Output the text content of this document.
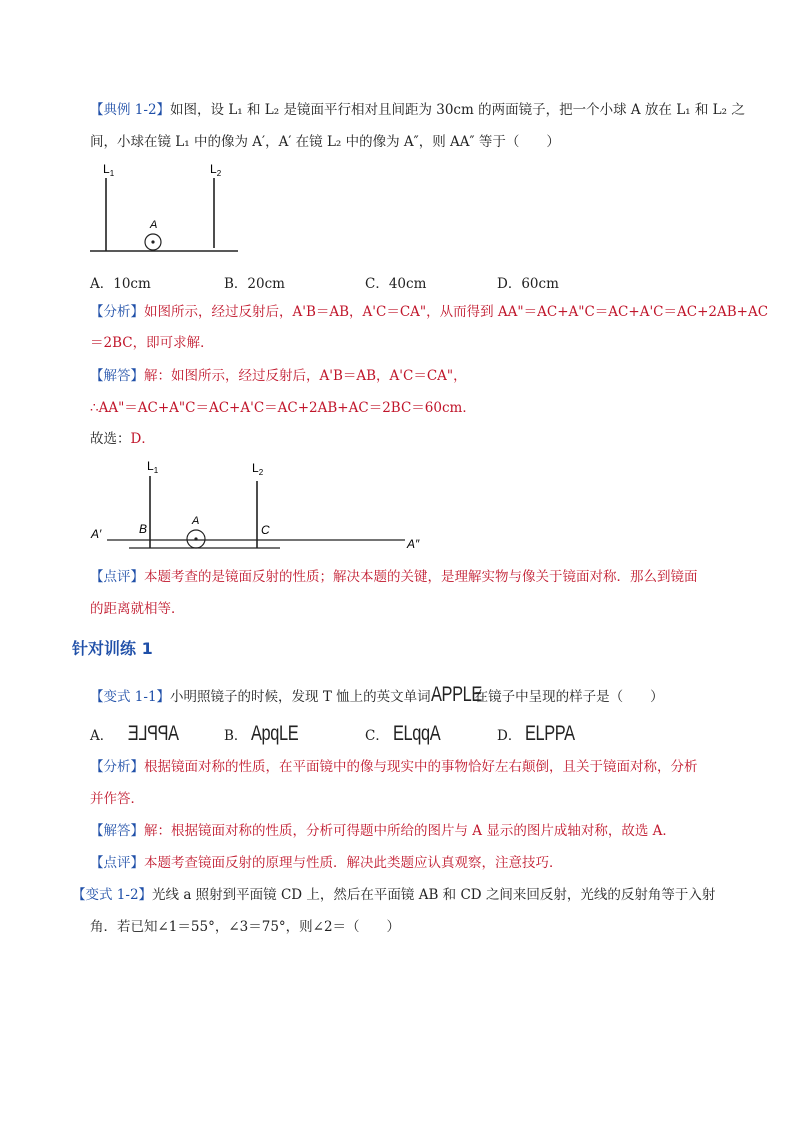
【典例 1-2】如图，设 L₁ 和 L₂ 是镜面平行相对且间距为 30cm 的两面镜子，把一个小球 A 放在 L₁ 和 L₂ 之
间，小球在镜 L₁ 中的像为 A′，A′ 在镜 L₂ 中的像为 A″，则 AA″ 等于（　　）
$L_1$	$L_2$
A
A．10cm	B．20cm	C．40cm	D．60cm
【分析】如图所示，经过反射后，A'B＝AB，A'C＝CA"，从而得到 AA"＝AC+A"C＝AC+A'C＝AC+2AB+AC
＝2BC，即可求解．
【解答】解：如图所示，经过反射后，A'B＝AB，A'C＝CA"，
∴AA"＝AC+A"C＝AC+A'C＝AC+2AB+AC＝2BC＝60cm．
故选：D．
$L_1$	$L_2$
A′	B
A
C
A″
【点评】本题考查的是镜面反射的性质；解决本题的关键，是理解实物与像关于镜面对称．那么到镜面
的距离就相等．
针对训练 1
【变式 1-1】小明照镜子的时候，发现 T 恤上的英文单词APPLE在镜子中呈现的样子是（　　）
A． APPLE	B． ApqLE	C． ELqqA	D． ELPPA
【分析】根据镜面对称的性质，在平面镜中的像与现实中的事物恰好左右颠倒，且关于镜面对称，分析
并作答．
【解答】解：根据镜面对称的性质，分析可得题中所给的图片与 A 显示的图片成轴对称，故选 A．
【点评】本题考查镜面反射的原理与性质．解决此类题应认真观察，注意技巧．
【变式 1-2】光线 a 照射到平面镜 CD 上，然后在平面镜 AB 和 CD 之间来回反射，光线的反射角等于入射
角．若已知∠1＝55°，∠3＝75°，则∠2＝（　　）
